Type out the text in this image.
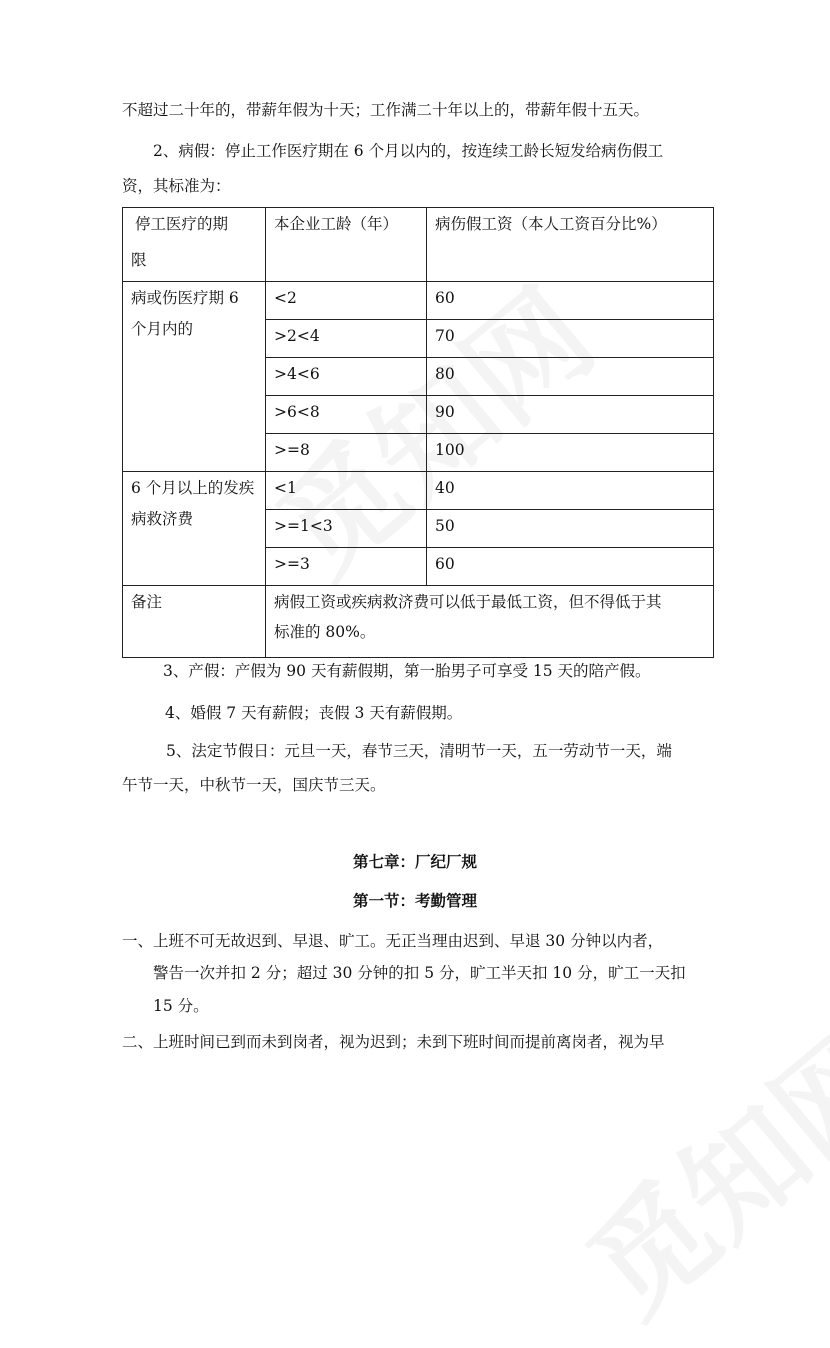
不超过二十年的，带薪年假为十天；工作满二十年以上的，带薪年假十五天。
2、病假：停止工作医疗期在 6 个月以内的，按连续工龄长短发给病伤假工
资，其标准为：
停工医疗的期
限	本企业工龄（年）	病伤假工资（本人工资百分比%）

病或伤医疗期 6
个月内的	<2	60
	>2<4	70
	>4<6	80
	>6<8	90
	>=8	100

6 个月以上的发疾
病救济费	<1	40
	>=1<3	50
	>=3	60
备注	病假工资或疾病救济费可以低于最低工资，但不得低于其
标准的 80%。	
3、产假：产假为 90 天有薪假期，第一胎男子可享受 15 天的陪产假。
4、婚假 7 天有薪假；丧假 3 天有薪假期。
5、法定节假日：元旦一天，春节三天，清明节一天，五一劳动节一天，端
午节一天，中秋节一天，国庆节三天。
第七章：厂纪厂规
第一节：考勤管理
一、上班不可无故迟到、早退、旷工。无正当理由迟到、早退 30 分钟以内者，
警告一次并扣 2 分；超过 30 分钟的扣 5 分，旷工半天扣 10 分，旷工一天扣
15 分。
二、上班时间已到而未到岗者，视为迟到；未到下班时间而提前离岗者，视为早
